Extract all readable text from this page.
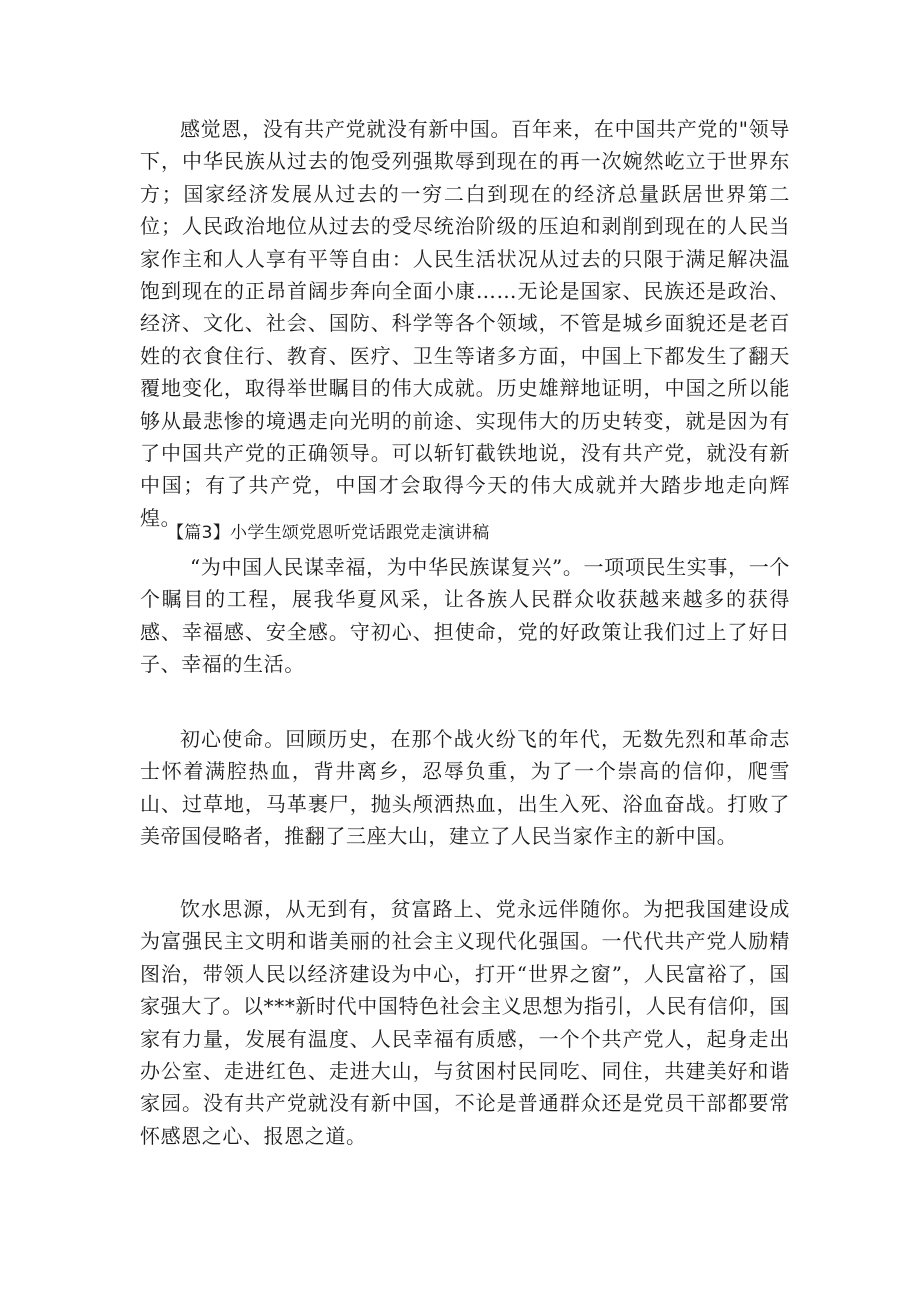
感觉恩，没有共产党就没有新中国。百年来，在中国共产党的"领导下，中华民族从过去的饱受列强欺辱到现在的再一次婉然屹立于世界东方；国家经济发展从过去的一穷二白到现在的经济总量跃居世界第二位；人民政治地位从过去的受尽统治阶级的压迫和剥削到现在的人民当家作主和人人享有平等自由：人民生活状况从过去的只限于满足解决温饱到现在的正昂首阔步奔向全面小康……无论是国家、民族还是政治、经济、文化、社会、国防、科学等各个领域，不管是城乡面貌还是老百姓的衣食住行、教育、医疗、卫生等诸多方面，中国上下都发生了翻天覆地变化，取得举世瞩目的伟大成就。历史雄辩地证明，中国之所以能够从最悲惨的境遇走向光明的前途、实现伟大的历史转变，就是因为有了中国共产党的正确领导。可以斩钉截铁地说，没有共产党，就没有新中国；有了共产党，中国才会取得今天的伟大成就并大踏步地走向辉煌。

【篇3】小学生颂党恩听党话跟党走演讲稿

“为中国人民谋幸福，为中华民族谋复兴”。一项项民生实事，一个个瞩目的工程，展我华夏风采，让各族人民群众收获越来越多的获得感、幸福感、安全感。守初心、担使命，党的好政策让我们过上了好日子、幸福的生活。

初心使命。回顾历史，在那个战火纷飞的年代，无数先烈和革命志士怀着满腔热血，背井离乡，忍辱负重，为了一个崇高的信仰，爬雪山、过草地，马革裹尸，抛头颅洒热血，出生入死、浴血奋战。打败了美帝国侵略者，推翻了三座大山，建立了人民当家作主的新中国。

饮水思源，从无到有，贫富路上、党永远伴随你。为把我国建设成为富强民主文明和谐美丽的社会主义现代化强国。一代代共产党人励精图治，带领人民以经济建设为中心，打开“世界之窗”，人民富裕了，国家强大了。以***新时代中国特色社会主义思想为指引，人民有信仰，国家有力量，发展有温度、人民幸福有质感，一个个共产党人，起身走出办公室、走进红色、走进大山，与贫困村民同吃、同住，共建美好和谐家园。没有共产党就没有新中国，不论是普通群众还是党员干部都要常怀感恩之心、报恩之道。
